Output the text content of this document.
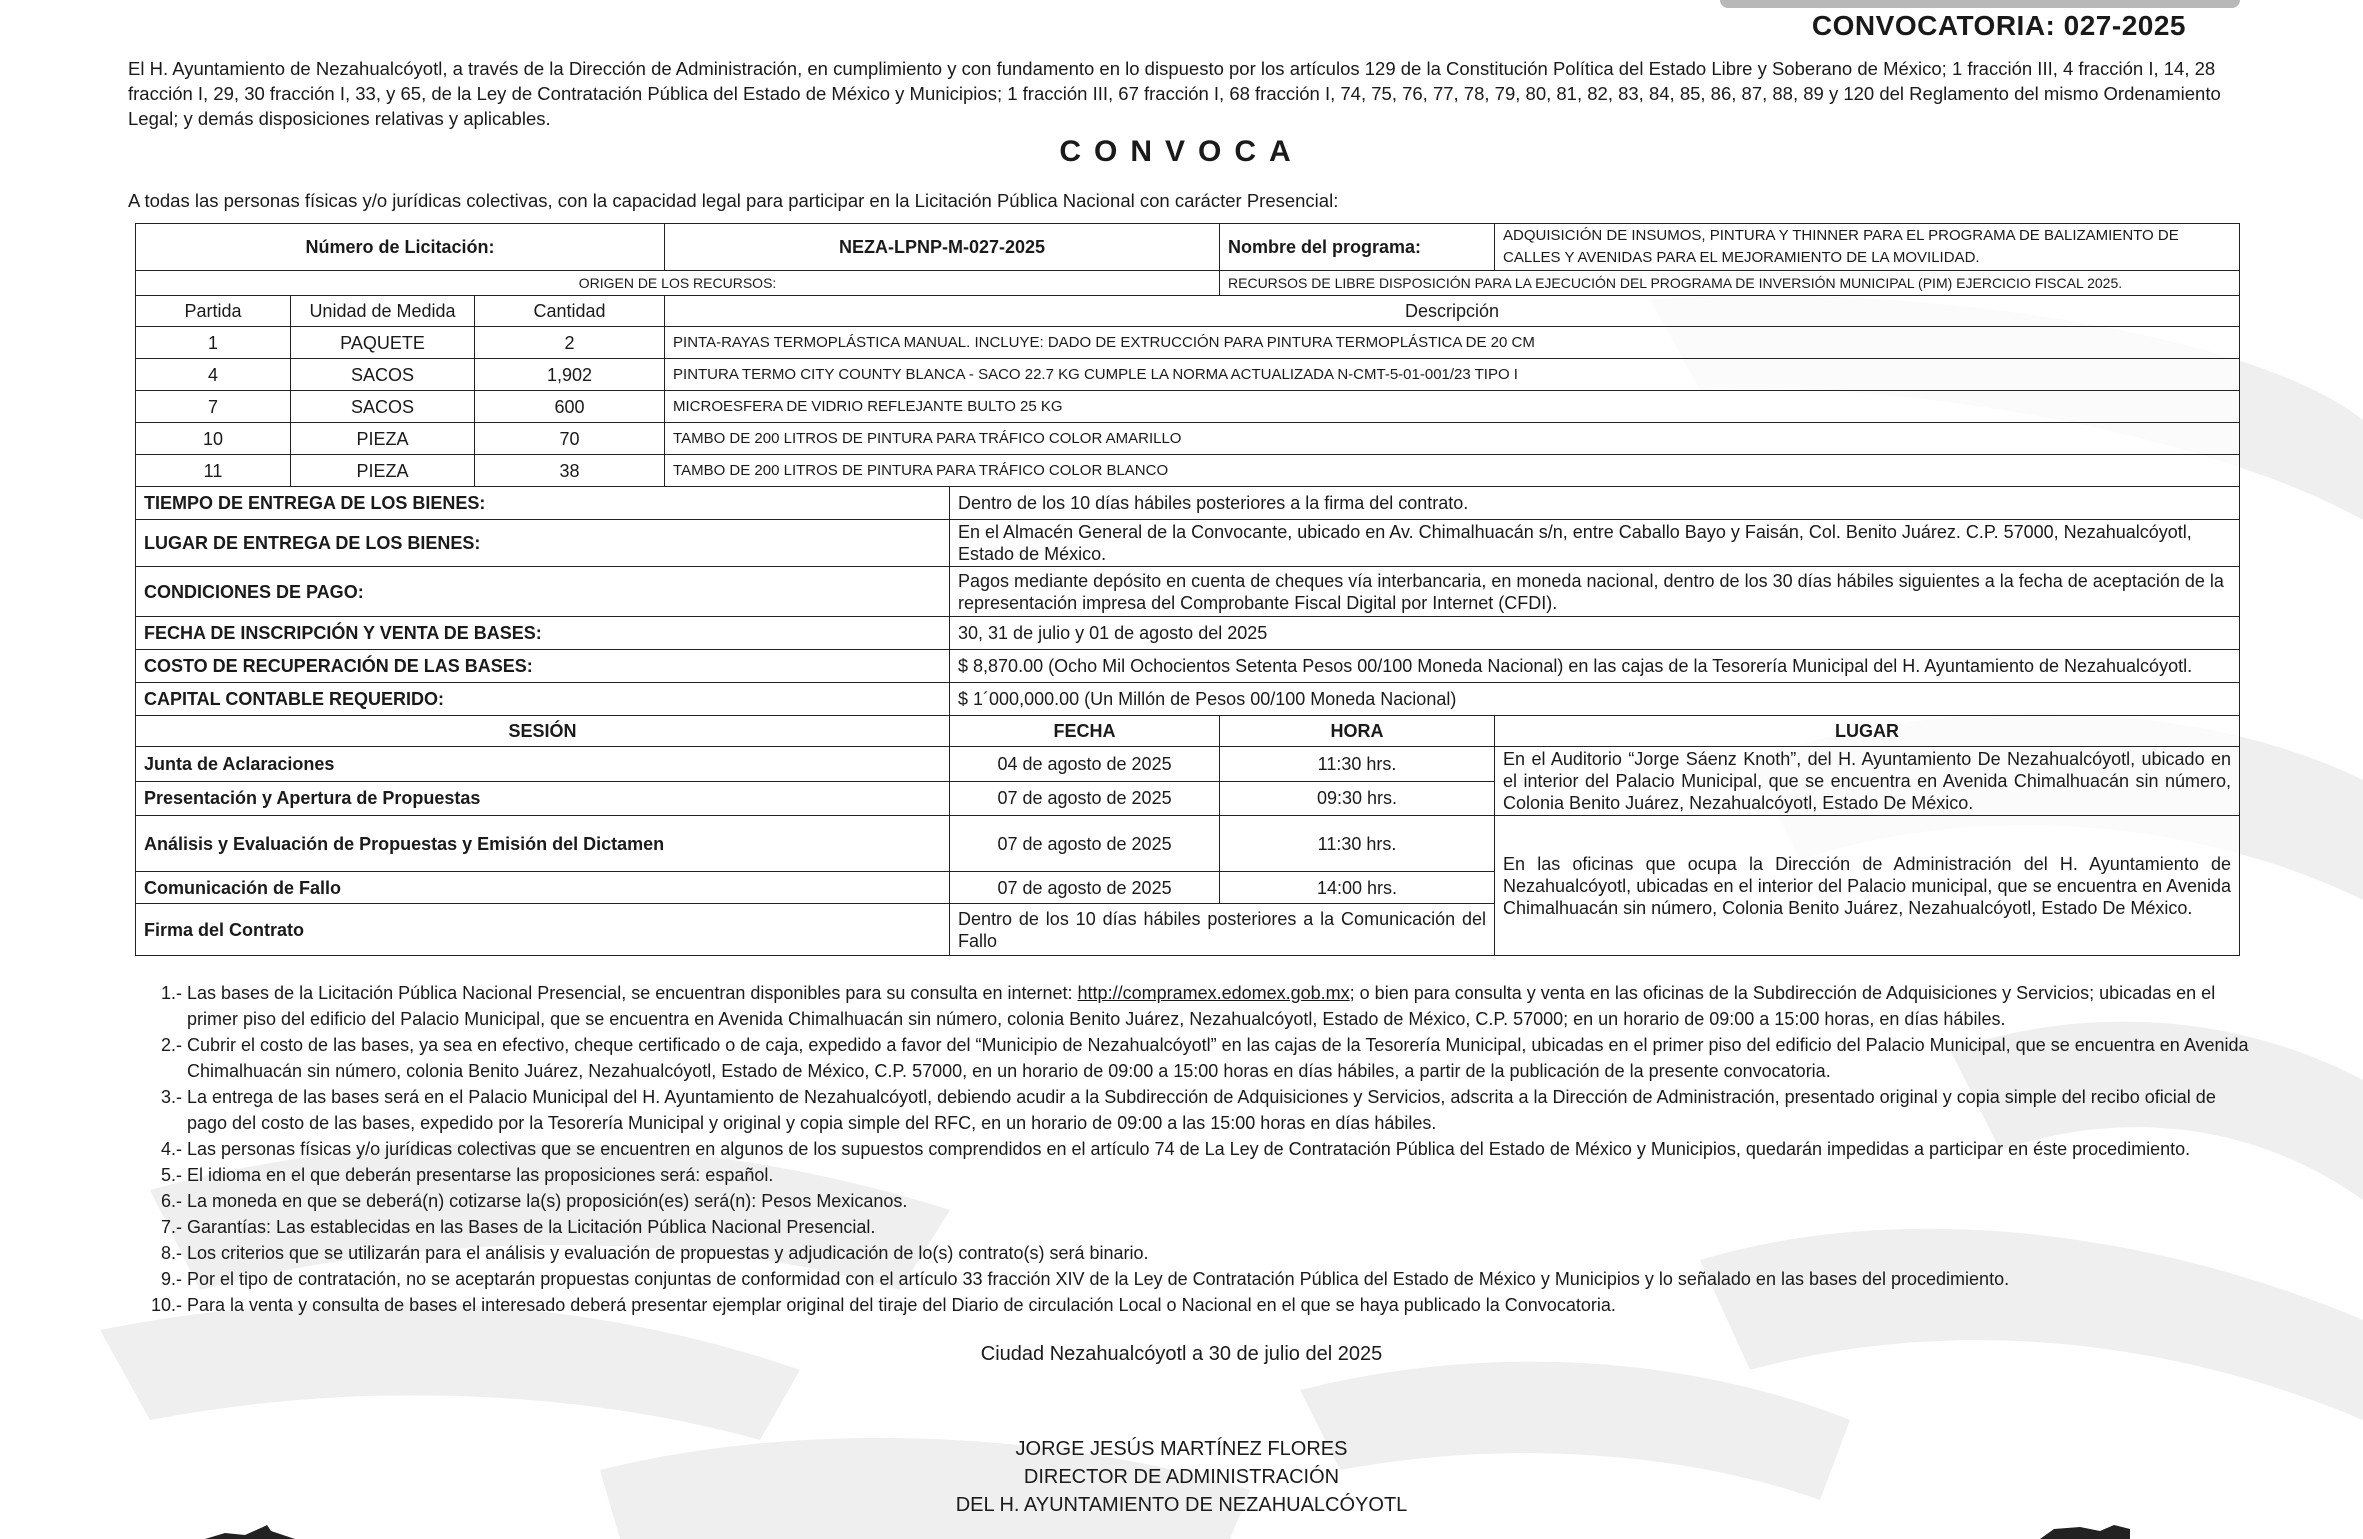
CONVOCATORIA: 027-2025
El H. Ayuntamiento de Nezahualcóyotl, a través de la Dirección de Administración, en cumplimiento y con fundamento en lo dispuesto por los artículos 129 de la Constitución Política del Estado Libre y Soberano de México; 1 fracción III, 4 fracción I, 14, 28 fracción I, 29, 30 fracción I, 33, y 65, de la Ley de Contratación Pública del Estado de México y Municipios; 1 fracción III, 67 fracción I, 68 fracción I, 74, 75, 76, 77, 78, 79, 80, 81, 82, 83, 84, 85, 86, 87, 88, 89 y 120 del Reglamento del mismo Ordenamiento Legal; y demás disposiciones relativas y aplicables.
CONVOCA
A todas las personas físicas y/o jurídicas colectivas, con la capacidad legal para participar en la Licitación Pública Nacional con carácter Presencial:
Número de Licitación:			NEZA-LPNP-M-027-2025		Nombre del programa:	ADQUISICIÓN DE INSUMOS, PINTURA Y THINNER PARA EL PROGRAMA DE BALIZAMIENTO DE CALLES Y AVENIDAS PARA EL MEJORAMIENTO DE LA MOVILIDAD.
ORIGEN DE LOS RECURSOS:					RECURSOS DE LIBRE DISPOSICIÓN PARA LA EJECUCIÓN DEL PROGRAMA DE INVERSIÓN MUNICIPAL (PIM) EJERCICIO FISCAL 2025.	
Partida	Unidad de Medida	Cantidad	Descripción			
1	PAQUETE	2	PINTA-RAYAS TERMOPLÁSTICA MANUAL. INCLUYE: DADO DE EXTRUCCIÓN PARA PINTURA TERMOPLÁSTICA DE 20 CM			
4	SACOS	1,902	PINTURA TERMO CITY COUNTY BLANCA - SACO 22.7 KG CUMPLE LA NORMA ACTUALIZADA N-CMT-5-01-001/23 TIPO I			
7	SACOS	600	MICROESFERA DE VIDRIO REFLEJANTE BULTO 25 KG			
10	PIEZA	70	TAMBO DE 200 LITROS DE PINTURA PARA TRÁFICO COLOR AMARILLO			
11	PIEZA	38	TAMBO DE 200 LITROS DE PINTURA PARA TRÁFICO COLOR BLANCO			
TIEMPO DE ENTREGA DE LOS BIENES:				Dentro de los 10 días hábiles posteriores a la firma del contrato.		
LUGAR DE ENTREGA DE LOS BIENES:				En el Almacén General de la Convocante, ubicado en Av. Chimalhuacán s/n, entre Caballo Bayo y Faisán, Col. Benito Juárez. C.P. 57000, Nezahualcóyotl, Estado de México.		
CONDICIONES DE PAGO:				Pagos mediante depósito en cuenta de cheques vía interbancaria, en moneda nacional, dentro de los 30 días hábiles siguientes a la fecha de aceptación de la representación impresa del Comprobante Fiscal Digital por Internet (CFDI).		
FECHA DE INSCRIPCIÓN Y VENTA DE BASES:				30, 31 de julio y 01 de agosto del 2025		
COSTO DE RECUPERACIÓN DE LAS BASES:				$ 8,870.00 (Ocho Mil Ochocientos Setenta Pesos 00/100 Moneda Nacional) en las cajas de la Tesorería Municipal del H. Ayuntamiento de Nezahualcóyotl.		
CAPITAL CONTABLE REQUERIDO:				$ 1´000,000.00 (Un Millón de Pesos 00/100 Moneda Nacional)		
SESIÓN				FECHA	HORA	LUGAR
Junta de Aclaraciones				04 de agosto de 2025	11:30 hrs.	En el Auditorio “Jorge Sáenz Knoth”, del H. Ayuntamiento De Nezahualcóyotl, ubicado en el interior del Palacio Municipal, que se encuentra en Avenida Chimalhuacán sin número, Colonia Benito Juárez, Nezahualcóyotl, Estado De México.
Presentación y Apertura de Propuestas				07 de agosto de 2025	09:30 hrs.	
Análisis y Evaluación de Propuestas y Emisión del Dictamen				07 de agosto de 2025	11:30 hrs.	En las oficinas que ocupa la Dirección de Administración del H. Ayuntamiento de Nezahualcóyotl, ubicadas en el interior del Palacio municipal, que se encuentra en Avenida Chimalhuacán sin número, Colonia Benito Juárez, Nezahualcóyotl, Estado De México.
Comunicación de Fallo				07 de agosto de 2025	14:00 hrs.	
Firma del Contrato				Dentro de los 10 días hábiles posteriores a la Comunicación del Fallo		
1.- Las bases de la Licitación Pública Nacional Presencial, se encuentran disponibles para su consulta en internet: http://compramex.edomex.gob.mx; o bien para consulta y venta en las oficinas de la Subdirección de Adquisiciones y Servicios; ubicadas en el primer piso del edificio del Palacio Municipal, que se encuentra en Avenida Chimalhuacán sin número, colonia Benito Juárez, Nezahualcóyotl, Estado de México, C.P. 57000; en un horario de 09:00 a 15:00 horas, en días hábiles.
2.- Cubrir el costo de las bases, ya sea en efectivo, cheque certificado o de caja, expedido a favor del “Municipio de Nezahualcóyotl” en las cajas de la Tesorería Municipal, ubicadas en el primer piso del edificio del Palacio Municipal, que se encuentra en Avenida Chimalhuacán sin número, colonia Benito Juárez, Nezahualcóyotl, Estado de México, C.P. 57000, en un horario de 09:00 a 15:00 horas en días hábiles, a partir de la publicación de la presente convocatoria.
3.- La entrega de las bases será en el Palacio Municipal del H. Ayuntamiento de Nezahualcóyotl, debiendo acudir a la Subdirección de Adquisiciones y Servicios, adscrita a la Dirección de Administración, presentado original y copia simple del recibo oficial de pago del costo de las bases, expedido por la Tesorería Municipal y original y copia simple del RFC, en un horario de 09:00 a las 15:00 horas en días hábiles.
4.- Las personas físicas y/o jurídicas colectivas que se encuentren en algunos de los supuestos comprendidos en el artículo 74 de La Ley de Contratación Pública del Estado de México y Municipios, quedarán impedidas a participar en éste procedimiento.
5.- El idioma en el que deberán presentarse las proposiciones será: español.
6.- La moneda en que se deberá(n) cotizarse la(s) proposición(es) será(n): Pesos Mexicanos.
7.- Garantías: Las establecidas en las Bases de la Licitación Pública Nacional Presencial.
8.- Los criterios que se utilizarán para el análisis y evaluación de propuestas y adjudicación de lo(s) contrato(s) será binario.
9.- Por el tipo de contratación, no se aceptarán propuestas conjuntas de conformidad con el artículo 33 fracción XIV de la Ley de Contratación Pública del Estado de México y Municipios y lo señalado en las bases del procedimiento.
10.- Para la venta y consulta de bases el interesado deberá presentar ejemplar original del tiraje del Diario de circulación Local o Nacional en el que se haya publicado la Convocatoria.
Ciudad Nezahualcóyotl a 30 de julio del 2025
JORGE JESÚS MARTÍNEZ FLORES
DIRECTOR DE ADMINISTRACIÓN
DEL H. AYUNTAMIENTO DE NEZAHUALCÓYOTL
